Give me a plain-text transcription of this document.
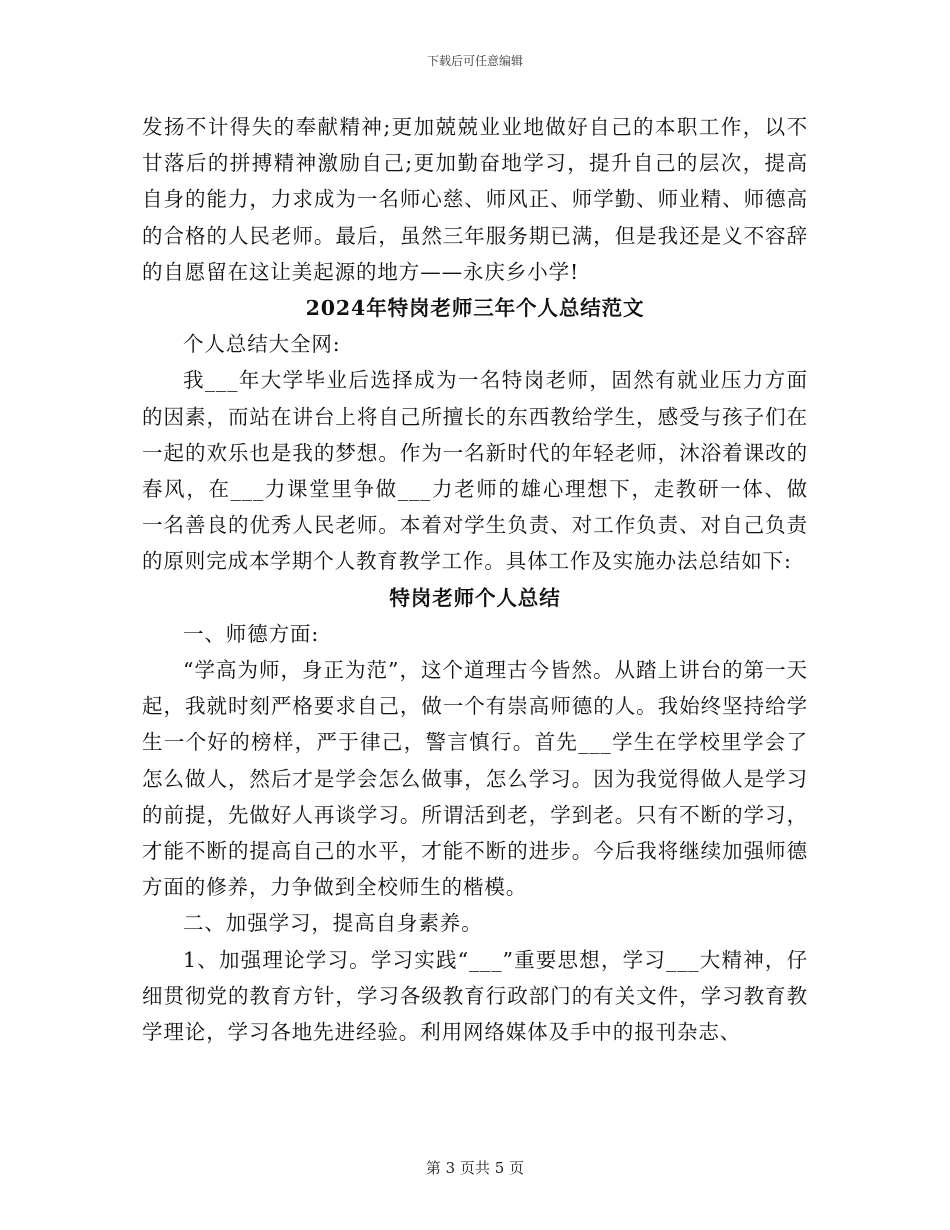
下载后可任意编辑

发扬不计得失的奉献精神;更加兢兢业业地做好自己的本职工作，以不甘落后的拼搏精神激励自己;更加勤奋地学习，提升自己的层次，提高自身的能力，力求成为一名师心慈、师风正、师学勤、师业精、师德高的合格的人民老师。最后，虽然三年服务期已满，但是我还是义不容辞的自愿留在这让美起源的地方——永庆乡小学!

2024年特岗老师三年个人总结范文

个人总结大全网:

我___年大学毕业后选择成为一名特岗老师，固然有就业压力方面的因素，而站在讲台上将自己所擅长的东西教给学生，感受与孩子们在一起的欢乐也是我的梦想。作为一名新时代的年轻老师，沐浴着课改的春风，在___力课堂里争做___力老师的雄心理想下，走教研一体、做一名善良的优秀人民老师。本着对学生负责、对工作负责、对自己负责的原则完成本学期个人教育教学工作。具体工作及实施办法总结如下:

特岗老师个人总结

一、师德方面:

“学高为师，身正为范”，这个道理古今皆然。从踏上讲台的第一天起，我就时刻严格要求自己，做一个有崇高师德的人。我始终坚持给学生一个好的榜样，严于律己，警言慎行。首先___学生在学校里学会了怎么做人，然后才是学会怎么做事，怎么学习。因为我觉得做人是学习的前提，先做好人再谈学习。所谓活到老，学到老。只有不断的学习，才能不断的提高自己的水平，才能不断的进步。今后我将继续加强师德方面的修养，力争做到全校师生的楷模。

二、加强学习，提高自身素养。

1、加强理论学习。学习实践“___”重要思想，学习___大精神，仔细贯彻党的教育方针，学习各级教育行政部门的有关文件，学习教育教学理论，学习各地先进经验。利用网络媒体及手中的报刊杂志、

第 3 页共 5 页
